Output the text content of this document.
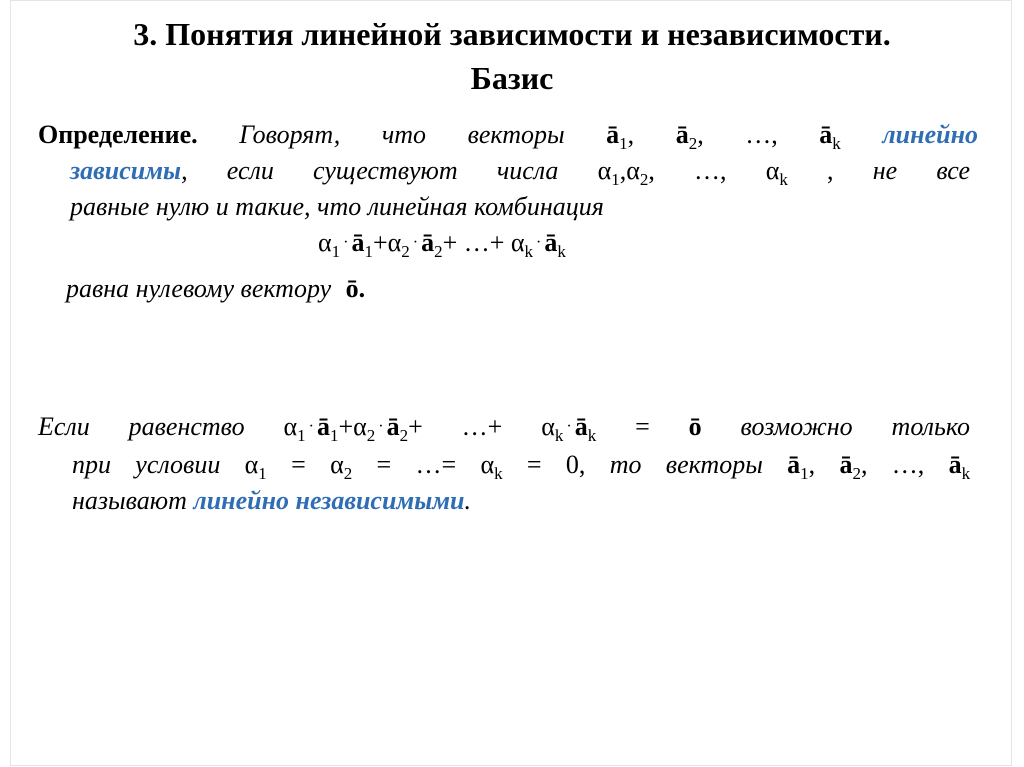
3. Понятия линейной зависимости и независимости.
Базис
Определение. Говорят, что векторы $ā_1$, $ā_2$, …, $ā_k$ линейно
зависимы, если существуют числа $\alpha_1,\alpha_2$, …, $\alpha_k$ , не все
равные нулю и такие, что линейная комбинация
$\alpha_1$ · $ā_1+\alpha_2$ · $ā_2+$ …+ $\alpha_k$ · $ā_k$
равна нулевому вектору ō.
Если равенство $\alpha_1$ · $ā_1+\alpha_2$ · $ā_2+$ …+ $\alpha_k$ · $ā_k$ = ō возможно только
при условии $\alpha_1 = \alpha_2$ = …= $\alpha_k = 0$, то векторы $ā_1$, $ā_2$, …, $ā_k$
называют линейно независимыми.
